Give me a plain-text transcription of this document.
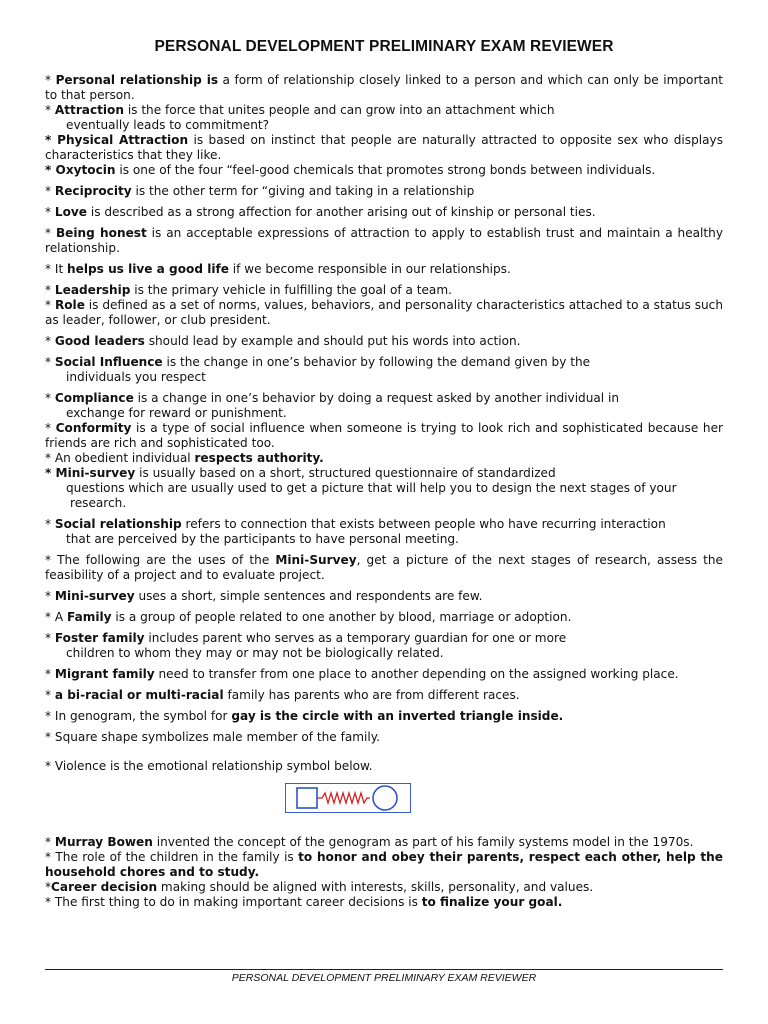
PERSONAL DEVELOPMENT PRELIMINARY EXAM REVIEWER

* Personal relationship is a form of relationship closely linked to a person and which can only be important to that person.

* Attraction is the force that unites people and can grow into an attachment which

eventually leads to commitment?

* Physical Attraction is based on instinct that people are naturally attracted to opposite sex who displays characteristics that they like.

* Oxytocin is one of the four “feel-good chemicals that promotes strong bonds between individuals.

* Reciprocity is the other term for “giving and taking in a relationship

* Love is described as a strong affection for another arising out of kinship or personal ties.

* Being honest is an acceptable expressions of attraction to apply to establish trust and maintain a healthy relationship.

* It helps us live a good life if we become responsible in our relationships.

* Leadership is the primary vehicle in fulfilling the goal of a team.

* Role is defined as a set of norms, values, behaviors, and personality characteristics attached to a status such as leader, follower, or club president.

* Good leaders should lead by example and should put his words into action.

* Social Influence is the change in one’s behavior by following the demand given by the

individuals you respect

* Compliance is a change in one’s behavior by doing a request asked by another individual in

exchange for reward or punishment.

* Conformity is a type of social influence when someone is trying to look rich and sophisticated because her friends are rich and sophisticated too.

* An obedient individual respects authority.

* Mini-survey is usually based on a short, structured questionnaire of standardized

questions which are usually used to get a picture that will help you to design the next stages of your

research.

* Social relationship refers to connection that exists between people who have recurring interaction

that are perceived by the participants to have personal meeting.

* The following are the uses of the Mini-Survey, get a picture of the next stages of research, assess the feasibility of a project and to evaluate project.

* Mini-survey uses a short, simple sentences and respondents are few.

* A Family is a group of people related to one another by blood, marriage or adoption.

* Foster family includes parent who serves as a temporary guardian for one or more

children to whom they may or may not be biologically related.

* Migrant family need to transfer from one place to another depending on the assigned working place.

* a bi-racial or multi-racial family has parents who are from different races.

* In genogram, the symbol for gay is the circle with an inverted triangle inside.

* Square shape symbolizes male member of the family.

* Violence is the emotional relationship symbol below.

* Murray Bowen invented the concept of the genogram as part of his family systems model in the 1970s.

* The role of the children in the family is to honor and obey their parents, respect each other, help the household chores and to study.

*Career decision making should be aligned with interests, skills, personality, and values.

* The first thing to do in making important career decisions is to finalize your goal.

PERSONAL DEVELOPMENT PRELIMINARY EXAM REVIEWER
